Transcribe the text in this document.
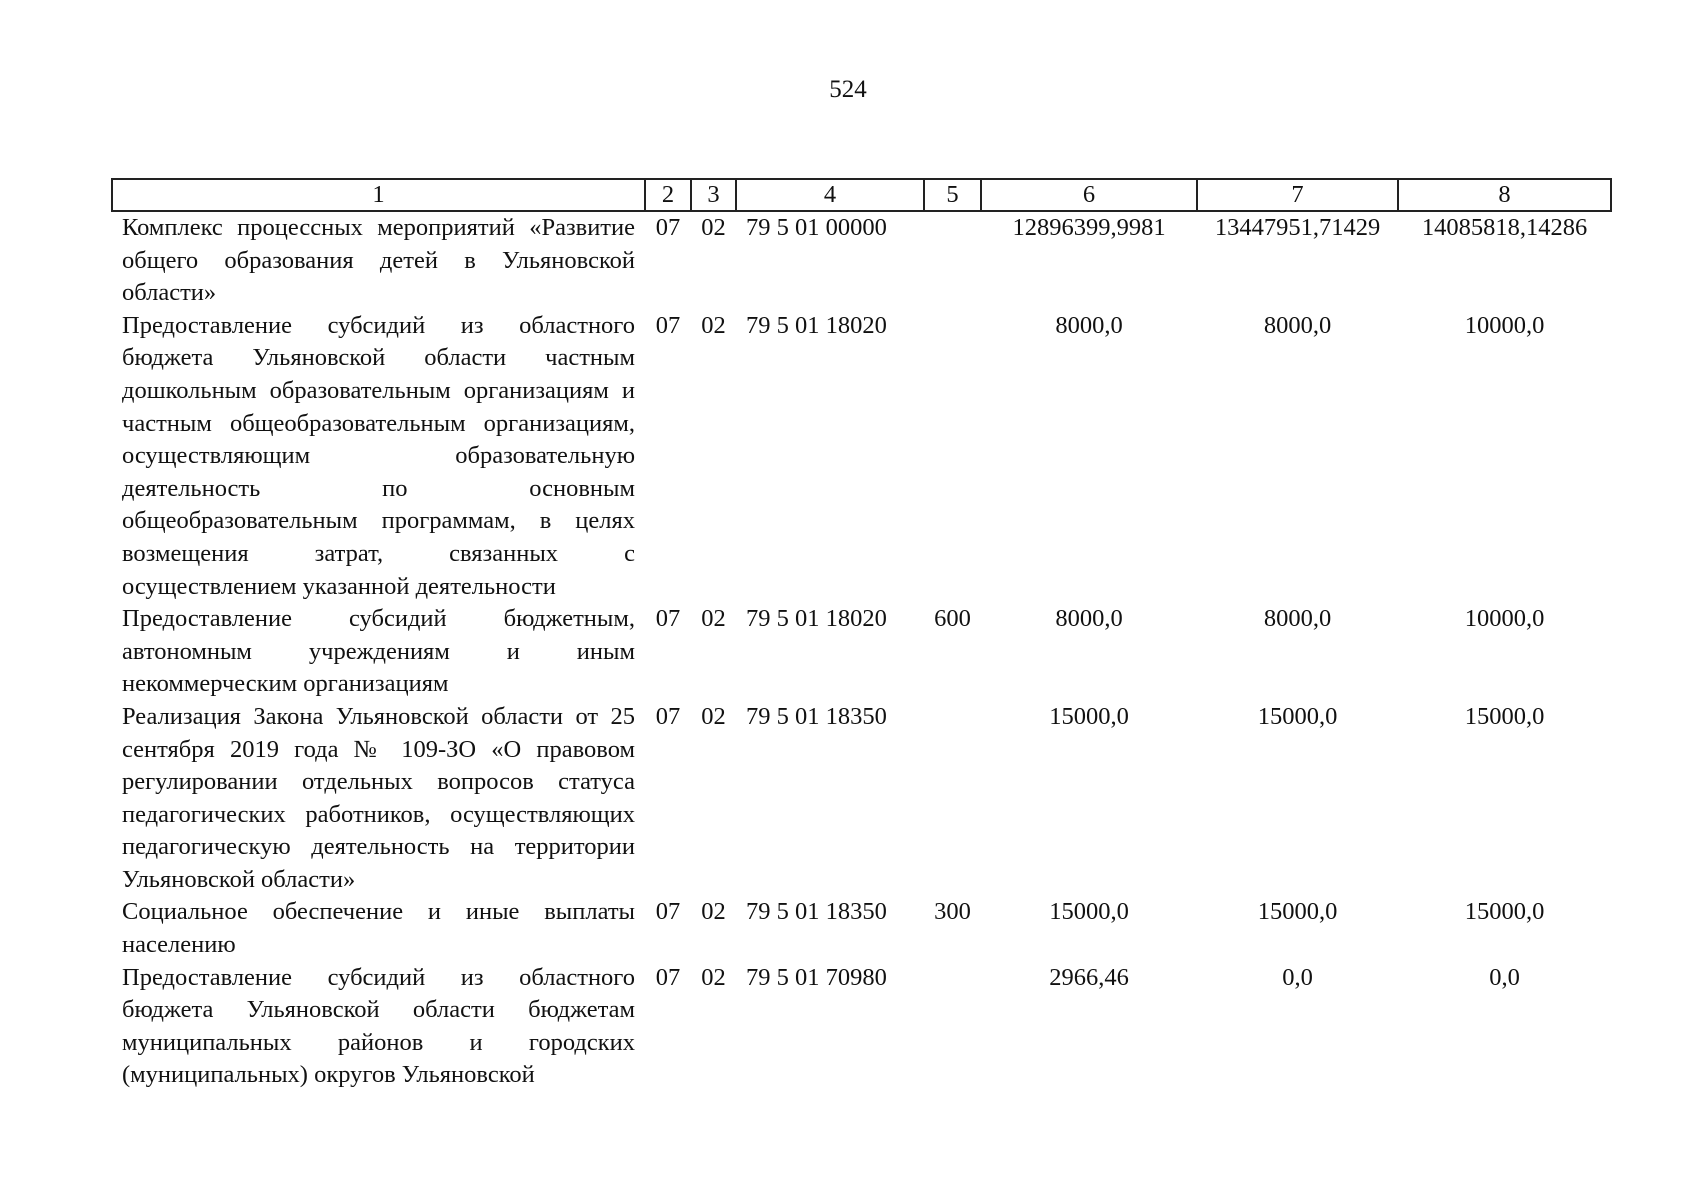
524
1	2	3	4	5	6	7	8
Комплекс процессных мероприятий «Развитие общего образования детей в Ульяновской области»	07	02	79 5 01 00000		12896399,9981	13447951,71429	14085818,14286
Предоставление субсидий из областного бюджета Ульяновской области частным дошкольным образовательным организациям и частным общеобразовательным организациям, осуществляющим образовательную деятельность по основным общеобразовательным программам, в целях возмещения затрат, связанных с осуществлением указанной деятельности	07	02	79 5 01 18020		8000,0	8000,0	10000,0
Предоставление субсидий бюджетным, автономным учреждениям и иным некоммерческим организациям	07	02	79 5 01 18020	600	8000,0	8000,0	10000,0
Реализация Закона Ульяновской области от 25 сентября 2019 года № 109-ЗО «О правовом регулировании отдельных вопросов статуса педагогических работников, осуществляющих педагогическую деятельность на территории Ульяновской области»	07	02	79 5 01 18350		15000,0	15000,0	15000,0
Социальное обеспечение и иные выплаты населению	07	02	79 5 01 18350	300	15000,0	15000,0	15000,0
Предоставление субсидий из областного бюджета Ульяновской области бюджетам муниципальных районов и городских (муниципальных) округов Ульяновской	07	02	79 5 01 70980		2966,46	0,0	0,0
